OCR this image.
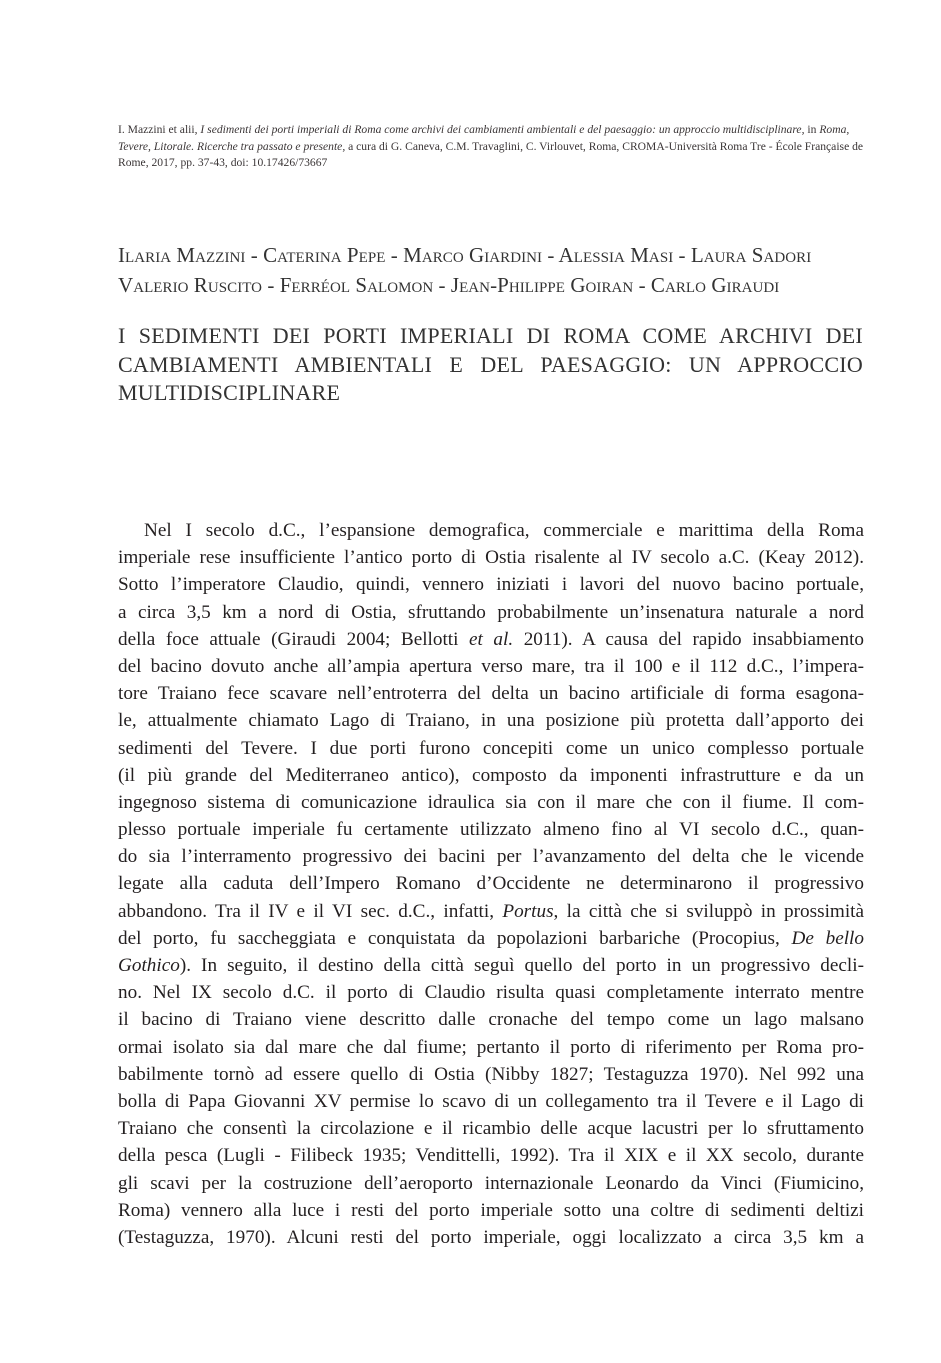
I. Mazzini et alii, I sedimenti dei porti imperiali di Roma come archivi dei cambiamenti ambientali e del paesaggio: un approccio multidisciplinare, in Roma, Tevere, Litorale. Ricerche tra passato e presente, a cura di G. Caneva, C.M. Travaglini, C. Virlouvet, Roma, CROMA-Università Roma Tre - École Française de Rome, 2017, pp. 37-43, doi: 10.17426/73667
Ilaria Mazzini - Caterina Pepe - Marco Giardini - Alessia Masi - Laura Sadori
Valerio Ruscito - Ferréol Salomon - Jean-Philippe Goiran - Carlo Giraudi
I SEDIMENTI DEI PORTI IMPERIALI DI ROMA COME ARCHIVI DEI
CAMBIAMENTI AMBIENTALI E DEL PAESAGGIO: UN APPROCCIO
MULTIDISCIPLINARE
Nel I secolo d.C., l’espansione demografica, commerciale e marittima della Roma
imperiale rese insufficiente l’antico porto di Ostia risalente al IV secolo a.C. (Keay 2012).
Sotto l’imperatore Claudio, quindi, vennero iniziati i lavori del nuovo bacino portuale,
a circa 3,5 km a nord di Ostia, sfruttando probabilmente un’insenatura naturale a nord
della foce attuale (Giraudi 2004; Bellotti et al. 2011). A causa del rapido insabbiamento
del bacino dovuto anche all’ampia apertura verso mare, tra il 100 e il 112 d.C., l’impera-
tore Traiano fece scavare nell’entroterra del delta un bacino artificiale di forma esagona-
le, attualmente chiamato Lago di Traiano, in una posizione più protetta dall’apporto dei
sedimenti del Tevere. I due porti furono concepiti come un unico complesso portuale
(il più grande del Mediterraneo antico), composto da imponenti infrastrutture e da un
ingegnoso sistema di comunicazione idraulica sia con il mare che con il fiume. Il com-
plesso portuale imperiale fu certamente utilizzato almeno fino al VI secolo d.C., quan-
do sia l’interramento progressivo dei bacini per l’avanzamento del delta che le vicende
legate alla caduta dell’Impero Romano d’Occidente ne determinarono il progressivo
abbandono. Tra il IV e il VI sec. d.C., infatti, Portus, la città che si sviluppò in prossimità
del porto, fu saccheggiata e conquistata da popolazioni barbariche (Procopius, De bello
Gothico). In seguito, il destino della città seguì quello del porto in un progressivo decli-
no. Nel IX secolo d.C. il porto di Claudio risulta quasi completamente interrato mentre
il bacino di Traiano viene descritto dalle cronache del tempo come un lago malsano
ormai isolato sia dal mare che dal fiume; pertanto il porto di riferimento per Roma pro-
babilmente tornò ad essere quello di Ostia (Nibby 1827; Testaguzza 1970). Nel 992 una
bolla di Papa Giovanni XV permise lo scavo di un collegamento tra il Tevere e il Lago di
Traiano che consentì la circolazione e il ricambio delle acque lacustri per lo sfruttamento
della pesca (Lugli - Filibeck 1935; Vendittelli, 1992). Tra il XIX e il XX secolo, durante
gli scavi per la costruzione dell’aeroporto internazionale Leonardo da Vinci (Fiumicino,
Roma) vennero alla luce i resti del porto imperiale sotto una coltre di sedimenti deltizi
(Testaguzza, 1970). Alcuni resti del porto imperiale, oggi localizzato a circa 3,5 km a
